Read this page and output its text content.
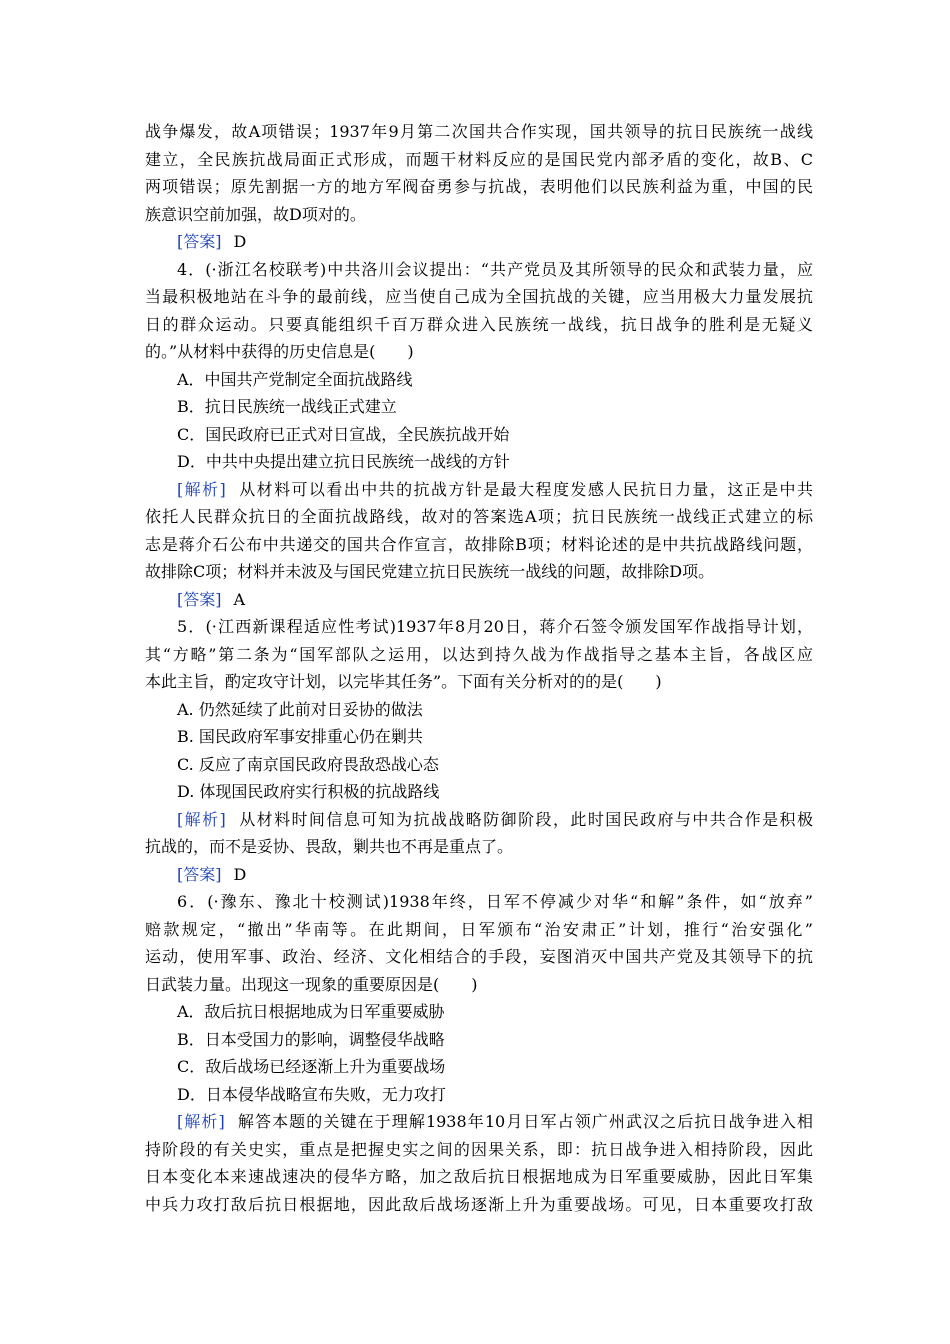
战争爆发，故A项错误；1937年9月第二次国共合作实现，国共领导的抗日民族统一战线
建立，全民族抗战局面正式形成，而题干材料反应的是国民党内部矛盾的变化，故B、C
两项错误；原先割据一方的地方军阀奋勇参与抗战，表明他们以民族利益为重，中国的民
族意识空前加强，故D项对的。
[答案] D
4．(·浙江名校联考)中共洛川会议提出：“共产党员及其所领导的民众和武装力量，应
当最积极地站在斗争的最前线，应当使自己成为全国抗战的关键，应当用极大力量发展抗
日的群众运动。只要真能组织千百万群众进入民族统一战线，抗日战争的胜利是无疑义
的。”从材料中获得的历史信息是(　　)
A．中国共产党制定全面抗战路线
B．抗日民族统一战线正式建立
C．国民政府已正式对日宣战，全民族抗战开始
D．中共中央提出建立抗日民族统一战线的方针
[解析] 从材料可以看出中共的抗战方针是最大程度发感人民抗日力量，这正是中共
依托人民群众抗日的全面抗战路线，故对的答案选A项；抗日民族统一战线正式建立的标
志是蒋介石公布中共递交的国共合作宣言，故排除B项；材料论述的是中共抗战路线问题，
故排除C项；材料并未波及与国民党建立抗日民族统一战线的问题，故排除D项。
[答案] A
5．(·江西新课程适应性考试)1937年8月20日，蒋介石签令颁发国军作战指导计划，
其“方略”第二条为“国军部队之运用，以达到持久战为作战指导之基本主旨，各战区应
本此主旨，酌定攻守计划，以完毕其任务”。下面有关分析对的的是(　　)
A. 仍然延续了此前对日妥协的做法
B. 国民政府军事安排重心仍在剿共
C. 反应了南京国民政府畏敌恐战心态
D. 体现国民政府实行积极的抗战路线
[解析] 从材料时间信息可知为抗战战略防御阶段，此时国民政府与中共合作是积极
抗战的，而不是妥协、畏敌，剿共也不再是重点了。
[答案] D
6．(·豫东、豫北十校测试)1938年终，日军不停减少对华“和解”条件，如“放弃”
赔款规定，“撤出”华南等。在此期间，日军颁布“治安肃正”计划，推行“治安强化”
运动，使用军事、政治、经济、文化相结合的手段，妄图消灭中国共产党及其领导下的抗
日武装力量。出现这一现象的重要原因是(　　)
A．敌后抗日根据地成为日军重要威胁
B．日本受国力的影响，调整侵华战略
C．敌后战场已经逐渐上升为重要战场
D．日本侵华战略宣布失败，无力攻打
[解析] 解答本题的关键在于理解1938年10月日军占领广州武汉之后抗日战争进入相
持阶段的有关史实，重点是把握史实之间的因果关系，即：抗日战争进入相持阶段，因此
日本变化本来速战速决的侵华方略，加之敌后抗日根据地成为日军重要威胁，因此日军集
中兵力攻打敌后抗日根据地，因此敌后战场逐渐上升为重要战场。可见，日本重要攻打敌
